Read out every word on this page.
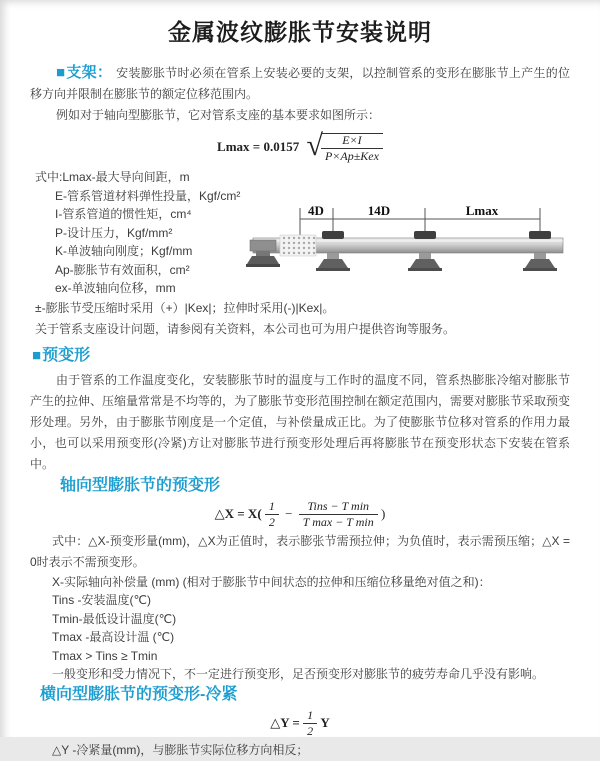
金属波纹膨胀节安装说明

■支架： 安装膨胀节时必须在管系上安装必要的支架，以控制管系的变形在膨胀节上产生的位移方向并限制在膨胀节的额定位移范围内。

例如对于轴向型膨胀节，它对管系支座的基本要求如图所示：

Lmax = 0.0157 √
$\frac{E\times I}{\text{P×Ap±Kex}}$
式中:Lmax-最大导向间距，m
E-管系管道材料弹性投量，Kgf/cm²
I-管系管道的惯性矩，cm⁴
P-设计压力，Kgf/mm²
K-单波轴向刚度；Kgf/mm
Ap-膨胀节有效面积，cm²
ex-单波轴向位移，mm
4D	14D	Lmax
±-膨胀节受压缩时采用（+）|Kex|；拉伸时采用(-)|Kex|。
关于管系支座设计问题，请参阅有关资料，本公司也可为用户提供咨询等服务。
■预变形

由于管系的工作温度变化，安装膨胀节时的温度与工作时的温度不同，管系热膨胀冷缩对膨胀节产生的拉伸、压缩量常常是不均等的，为了膨胀节变形范围控制在额定范围内，需要对膨胀节采取预变形处理。另外，由于膨胀节刚度是一个定值，与补偿量成正比。为了使膨胀节位移对管系的作用力最小，也可以采用预变形(冷紧)方让对膨胀节进行预变形处理后再将膨胀节在预变形状态下安装在管系中。

轴向型膨胀节的预变形
△X = $X( \frac{1}{2} - \frac{\text{Tins − T min}}{\text{T max − T min}}$ )

式中：△X-预变形量(mm)，△X为正值时，表示膨张节需预拉伸；为负值时，表示需预压缩；△X = 0时表示不需预变形。

X-实际轴向补偿量 (mm) (相对于膨胀节中间状态的拉伸和压缩位移量绝对值之和)：

Tins -安装温度(℃)

Tmin-最低设计温度(℃)

Tmax -最高设计温 (℃)

Tmax > Tins ≥ Tmin

一般变形和受力情况下，不一定进行预变形，足否预变形对膨胀节的疲劳寿命几乎没有影响。

横向型膨胀节的预变形-冷紧
△Y = $\frac{1}{2}$ Y

△Y -冷紧量(mm)，与膨胀节实际位移方向相反；
